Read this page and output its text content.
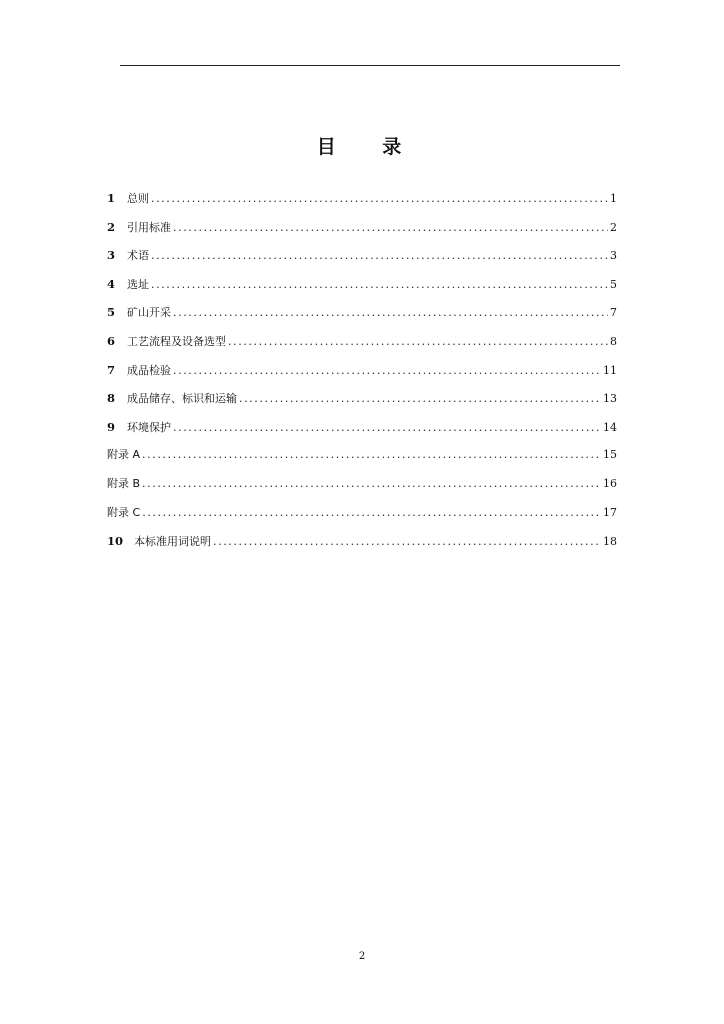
目 录
1	总则 .....	1
2	引用标准 .....	2
3	术语 .....	3
4	选址 .....	5
5	矿山开采 .....	7
6	工艺流程及设备选型 .....	8
7	成品检验 .....	11
8	成品储存、标识和运输 .....	13
9	环境保护 .....	14
附录 A .....	15
附录 B .....	16
附录 C .....	17
10 本标准用词说明 .....	18
2
